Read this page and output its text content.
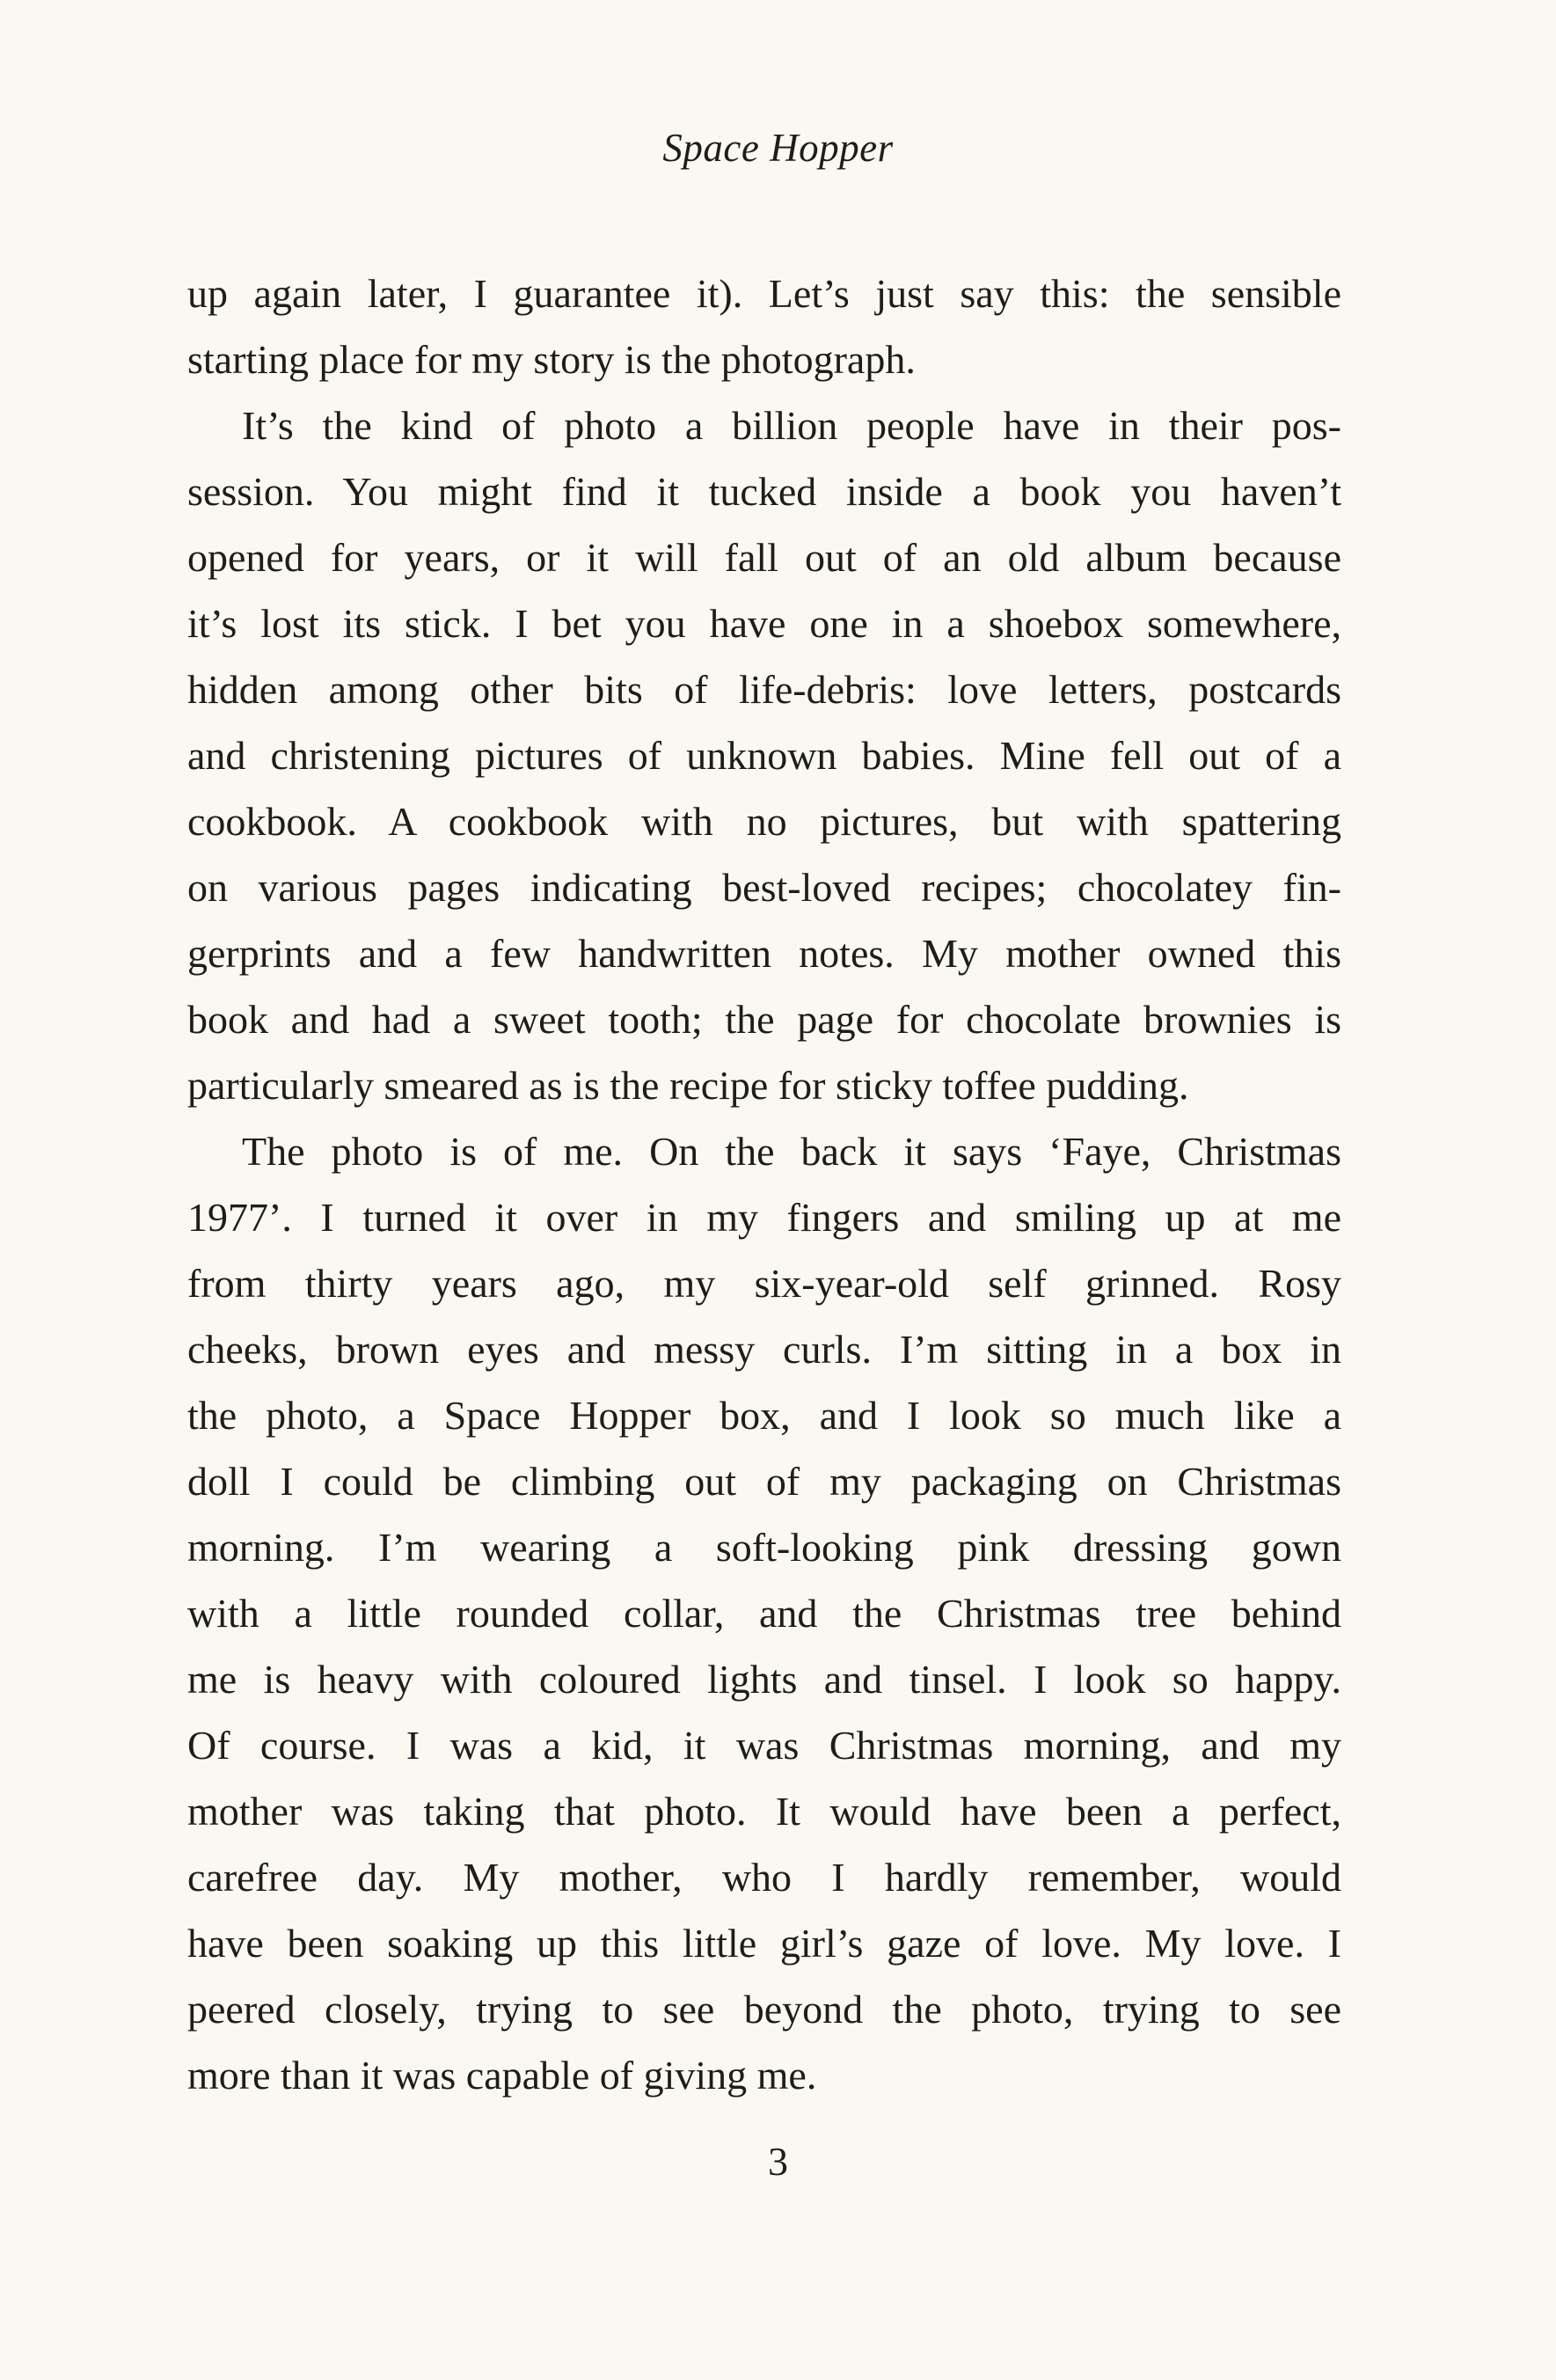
Space Hopper
up again later, I guarantee it). Let’s just say this: the sensible
starting place for my story is the photograph.
It’s the kind of photo a billion people have in their pos-
session. You might find it tucked inside a book you haven’t
opened for years, or it will fall out of an old album because
it’s lost its stick. I bet you have one in a shoebox somewhere,
hidden among other bits of life-debris: love letters, postcards
and christening pictures of unknown babies. Mine fell out of a
cookbook. A cookbook with no pictures, but with spattering
on various pages indicating best-loved recipes; chocolatey fin-
gerprints and a few handwritten notes. My mother owned this
book and had a sweet tooth; the page for chocolate brownies is
particularly smeared as is the recipe for sticky toffee pudding.
The photo is of me. On the back it says ‘Faye, Christmas
1977’. I turned it over in my fingers and smiling up at me
from thirty years ago, my six-year-old self grinned. Rosy
cheeks, brown eyes and messy curls. I’m sitting in a box in
the photo, a Space Hopper box, and I look so much like a
doll I could be climbing out of my packaging on Christmas
morning. I’m wearing a soft-looking pink dressing gown
with a little rounded collar, and the Christmas tree behind
me is heavy with coloured lights and tinsel. I look so happy.
Of course. I was a kid, it was Christmas morning, and my
mother was taking that photo. It would have been a perfect,
carefree day. My mother, who I hardly remember, would
have been soaking up this little girl’s gaze of love. My love. I
peered closely, trying to see beyond the photo, trying to see
more than it was capable of giving me.
3
